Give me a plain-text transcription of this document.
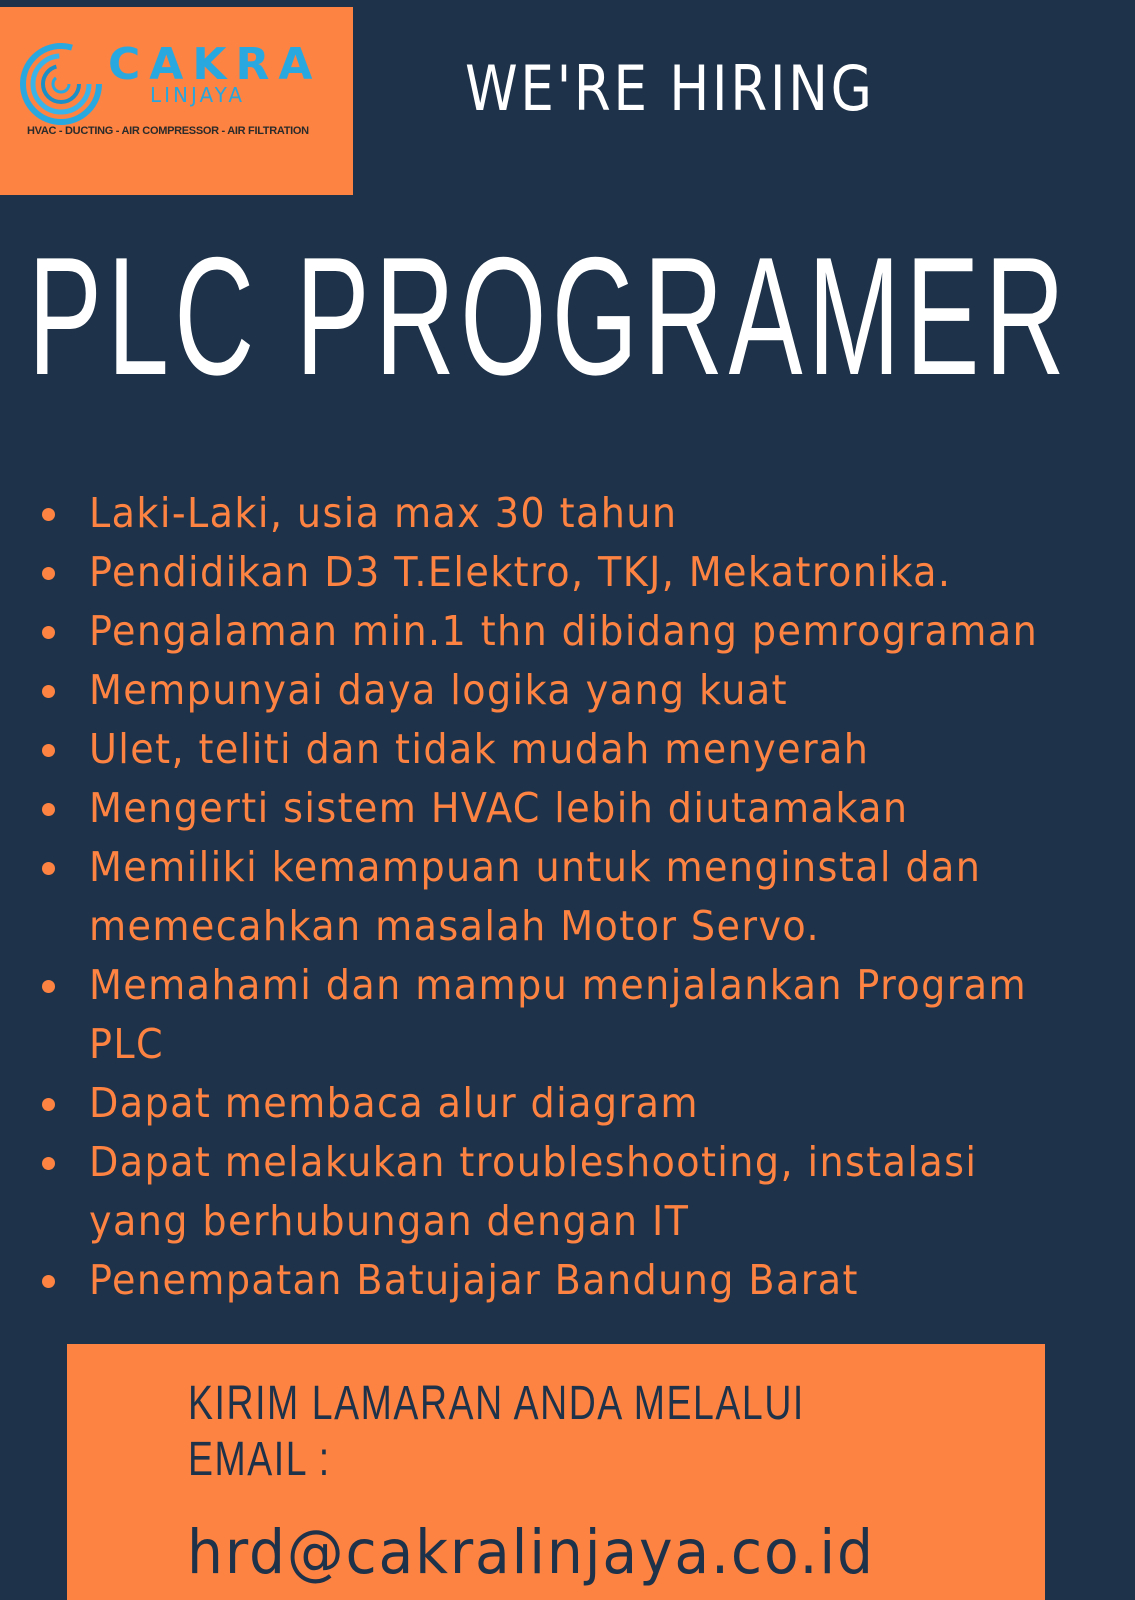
CAKRA
LINJAYA
HVAC - DUCTING - AIR COMPRESSOR - AIR FILTRATION
WE'RE HIRING
PLC PROGRAMER
Laki-Laki, usia max 30 tahun
Pendidikan D3 T.Elektro, TKJ, Mekatronika.
Pengalaman min.1 thn dibidang pemrograman
Mempunyai daya logika yang kuat
Ulet, teliti dan tidak mudah menyerah
Mengerti sistem HVAC lebih diutamakan
Memiliki kemampuan untuk menginstal dan
memecahkan masalah Motor Servo.
Memahami dan mampu menjalankan Program
PLC
Dapat membaca alur diagram
Dapat melakukan troubleshooting, instalasi
yang berhubungan dengan IT
Penempatan Batujajar Bandung Barat
KIRIM LAMARAN ANDA MELALUI
EMAIL :
hrd@cakralinjaya.co.id
